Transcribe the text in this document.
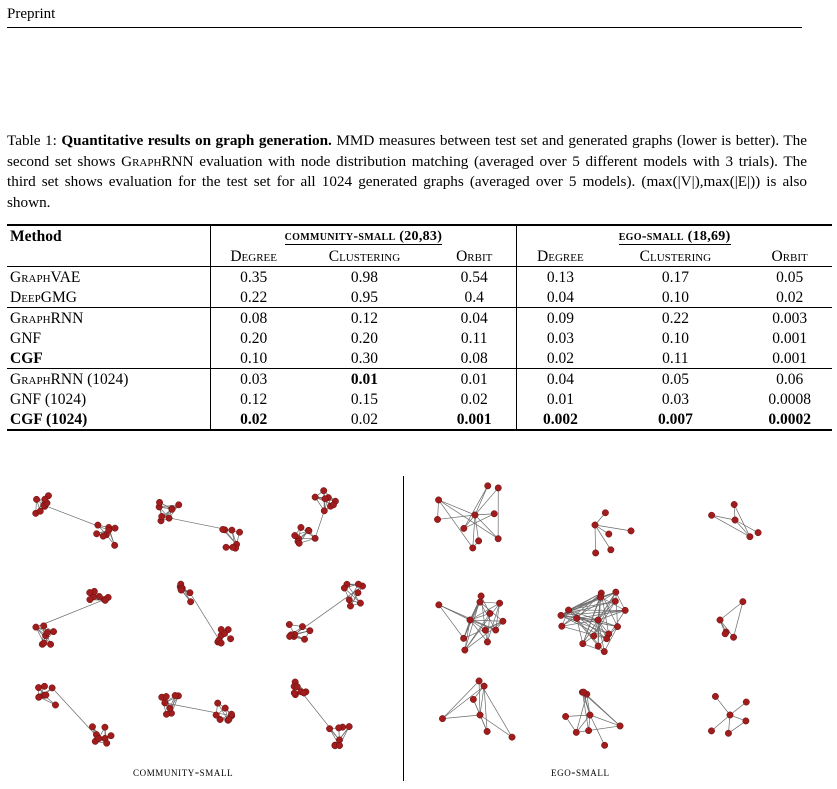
Preprint
Table 1: Quantitative results on graph generation. MMD measures between test set and generated graphs (lower is better). The second set shows GraphRNN evaluation with node distribution matching (averaged over 5 different models with 3 trials). The third set shows evaluation for the test set for all 1024 generated graphs (averaged over 5 models). (max(|V|),max(|E|)) is also shown.
Method	community-small (20,83)			ego-small (18,69)		
	Degree	Clustering	Orbit	Degree	Clustering	Orbit
GraphVAE	0.35	0.98	0.54	0.13	0.17	0.05
DeepGMG	0.22	0.95	0.4	0.04	0.10	0.02
GraphRNN	0.08	0.12	0.04	0.09	0.22	0.003
GNF	0.20	0.20	0.11	0.03	0.10	0.001
CGF	0.10	0.30	0.08	0.02	0.11	0.001
GraphRNN (1024)	0.03	0.01	0.01	0.04	0.05	0.06
GNF (1024)	0.12	0.15	0.02	0.01	0.03	0.0008
CGF (1024)	0.02	0.02	0.001	0.002	0.007	0.0002
community-small	ego-small
